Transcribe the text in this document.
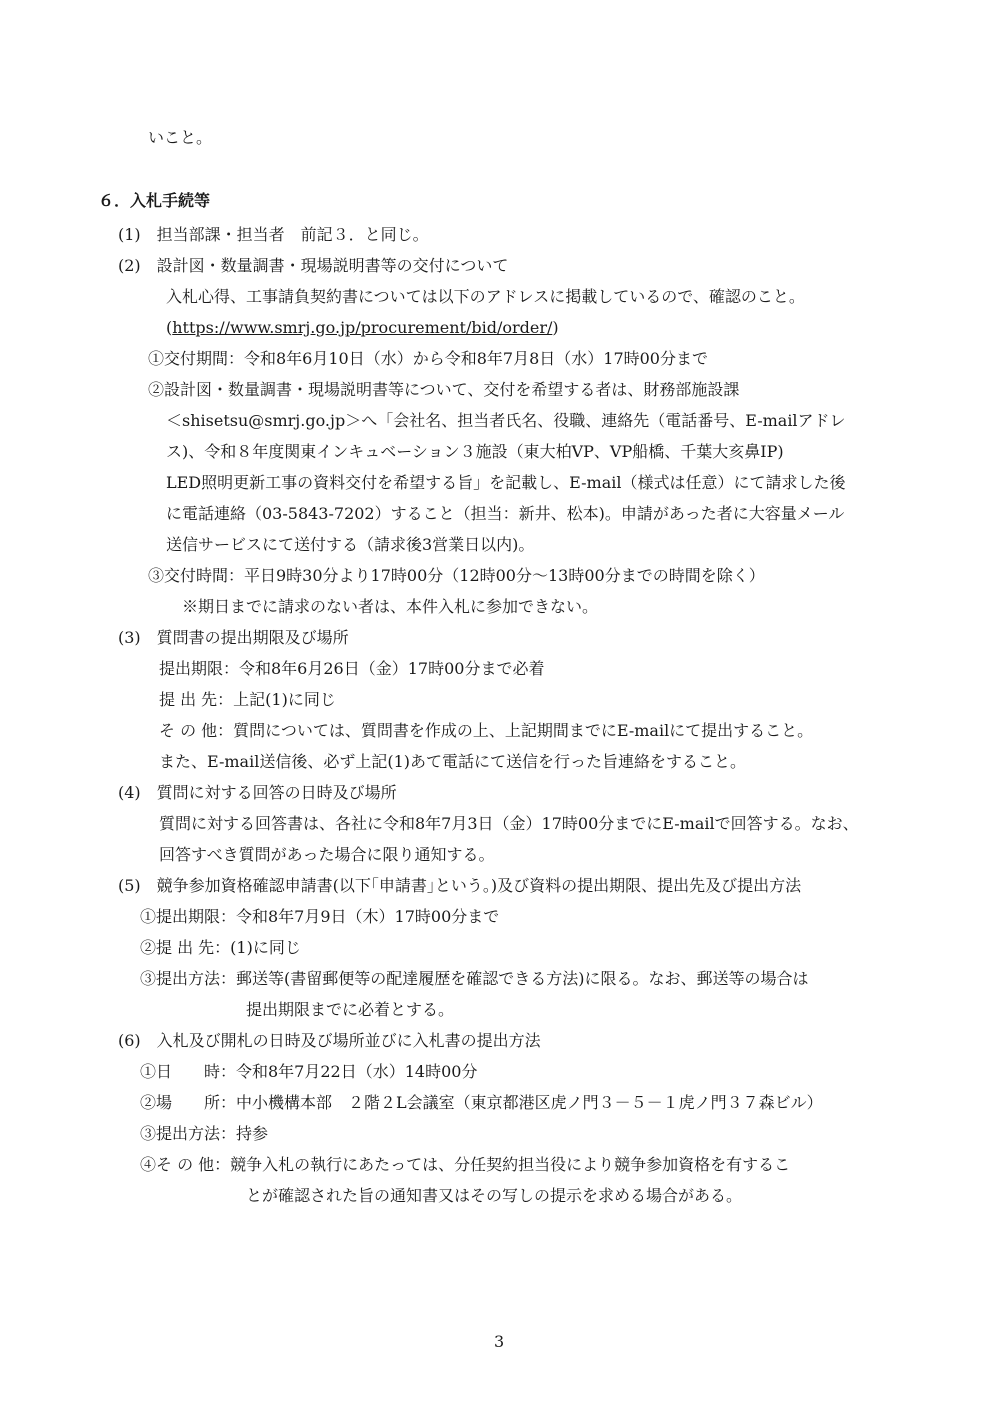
いこと。
６．入札手続等
(1)　担当部課・担当者　前記３．と同じ。
(2)　設計図・数量調書・現場説明書等の交付について
入札心得、工事請負契約書については以下のアドレスに掲載しているので、確認のこと。
(https://www.smrj.go.jp/procurement/bid/order/)
①交付期間：令和8年6月10日（水）から令和8年7月8日（水）17時00分まで
②設計図・数量調書・現場説明書等について、交付を希望する者は、財務部施設課
＜shisetsu@smrj.go.jp＞へ「会社名、担当者氏名、役職、連絡先（電話番号、E-mailアドレ
ス)、令和８年度関東インキュベーション３施設（東大柏VP、VP船橋、千葉大亥鼻IP)
LED照明更新工事の資料交付を希望する旨」を記載し、E-mail（様式は任意）にて請求した後
に電話連絡（03-5843-7202）すること（担当：新井、松本)。申請があった者に大容量メール
送信サービスにて送付する（請求後3営業日以内)。
③交付時間：平日9時30分より17時00分（12時00分～13時00分までの時間を除く）
※期日までに請求のない者は、本件入札に参加できない。
(3)　質問書の提出期限及び場所
提出期限：令和8年6月26日（金）17時00分まで必着
提 出 先：上記(1)に同じ
そ の 他：質問については、質問書を作成の上、上記期間までにE-mailにて提出すること。
また、E-mail送信後、必ず上記(1)あて電話にて送信を行った旨連絡をすること。
(4)　質問に対する回答の日時及び場所
質問に対する回答書は、各社に令和8年7月3日（金）17時00分までにE-mailで回答する。なお、
回答すべき質問があった場合に限り通知する。
(5)　競争参加資格確認申請書(以下｢申請書｣という。)及び資料の提出期限、提出先及び提出方法
①提出期限：令和8年7月9日（木）17時00分まで
②提 出 先：(1)に同じ
③提出方法：郵送等(書留郵便等の配達履歴を確認できる方法)に限る。なお、郵送等の場合は
提出期限までに必着とする。
(6)　入札及び開札の日時及び場所並びに入札書の提出方法
①日　　時：令和8年7月22日（水）14時00分
②場　　所：中小機構本部　２階２L会議室（東京都港区虎ノ門３－５－１虎ノ門３７森ビル）
③提出方法：持参
④そ の 他：競争入札の執行にあたっては、分任契約担当役により競争参加資格を有するこ
とが確認された旨の通知書又はその写しの提示を求める場合がある。
3
